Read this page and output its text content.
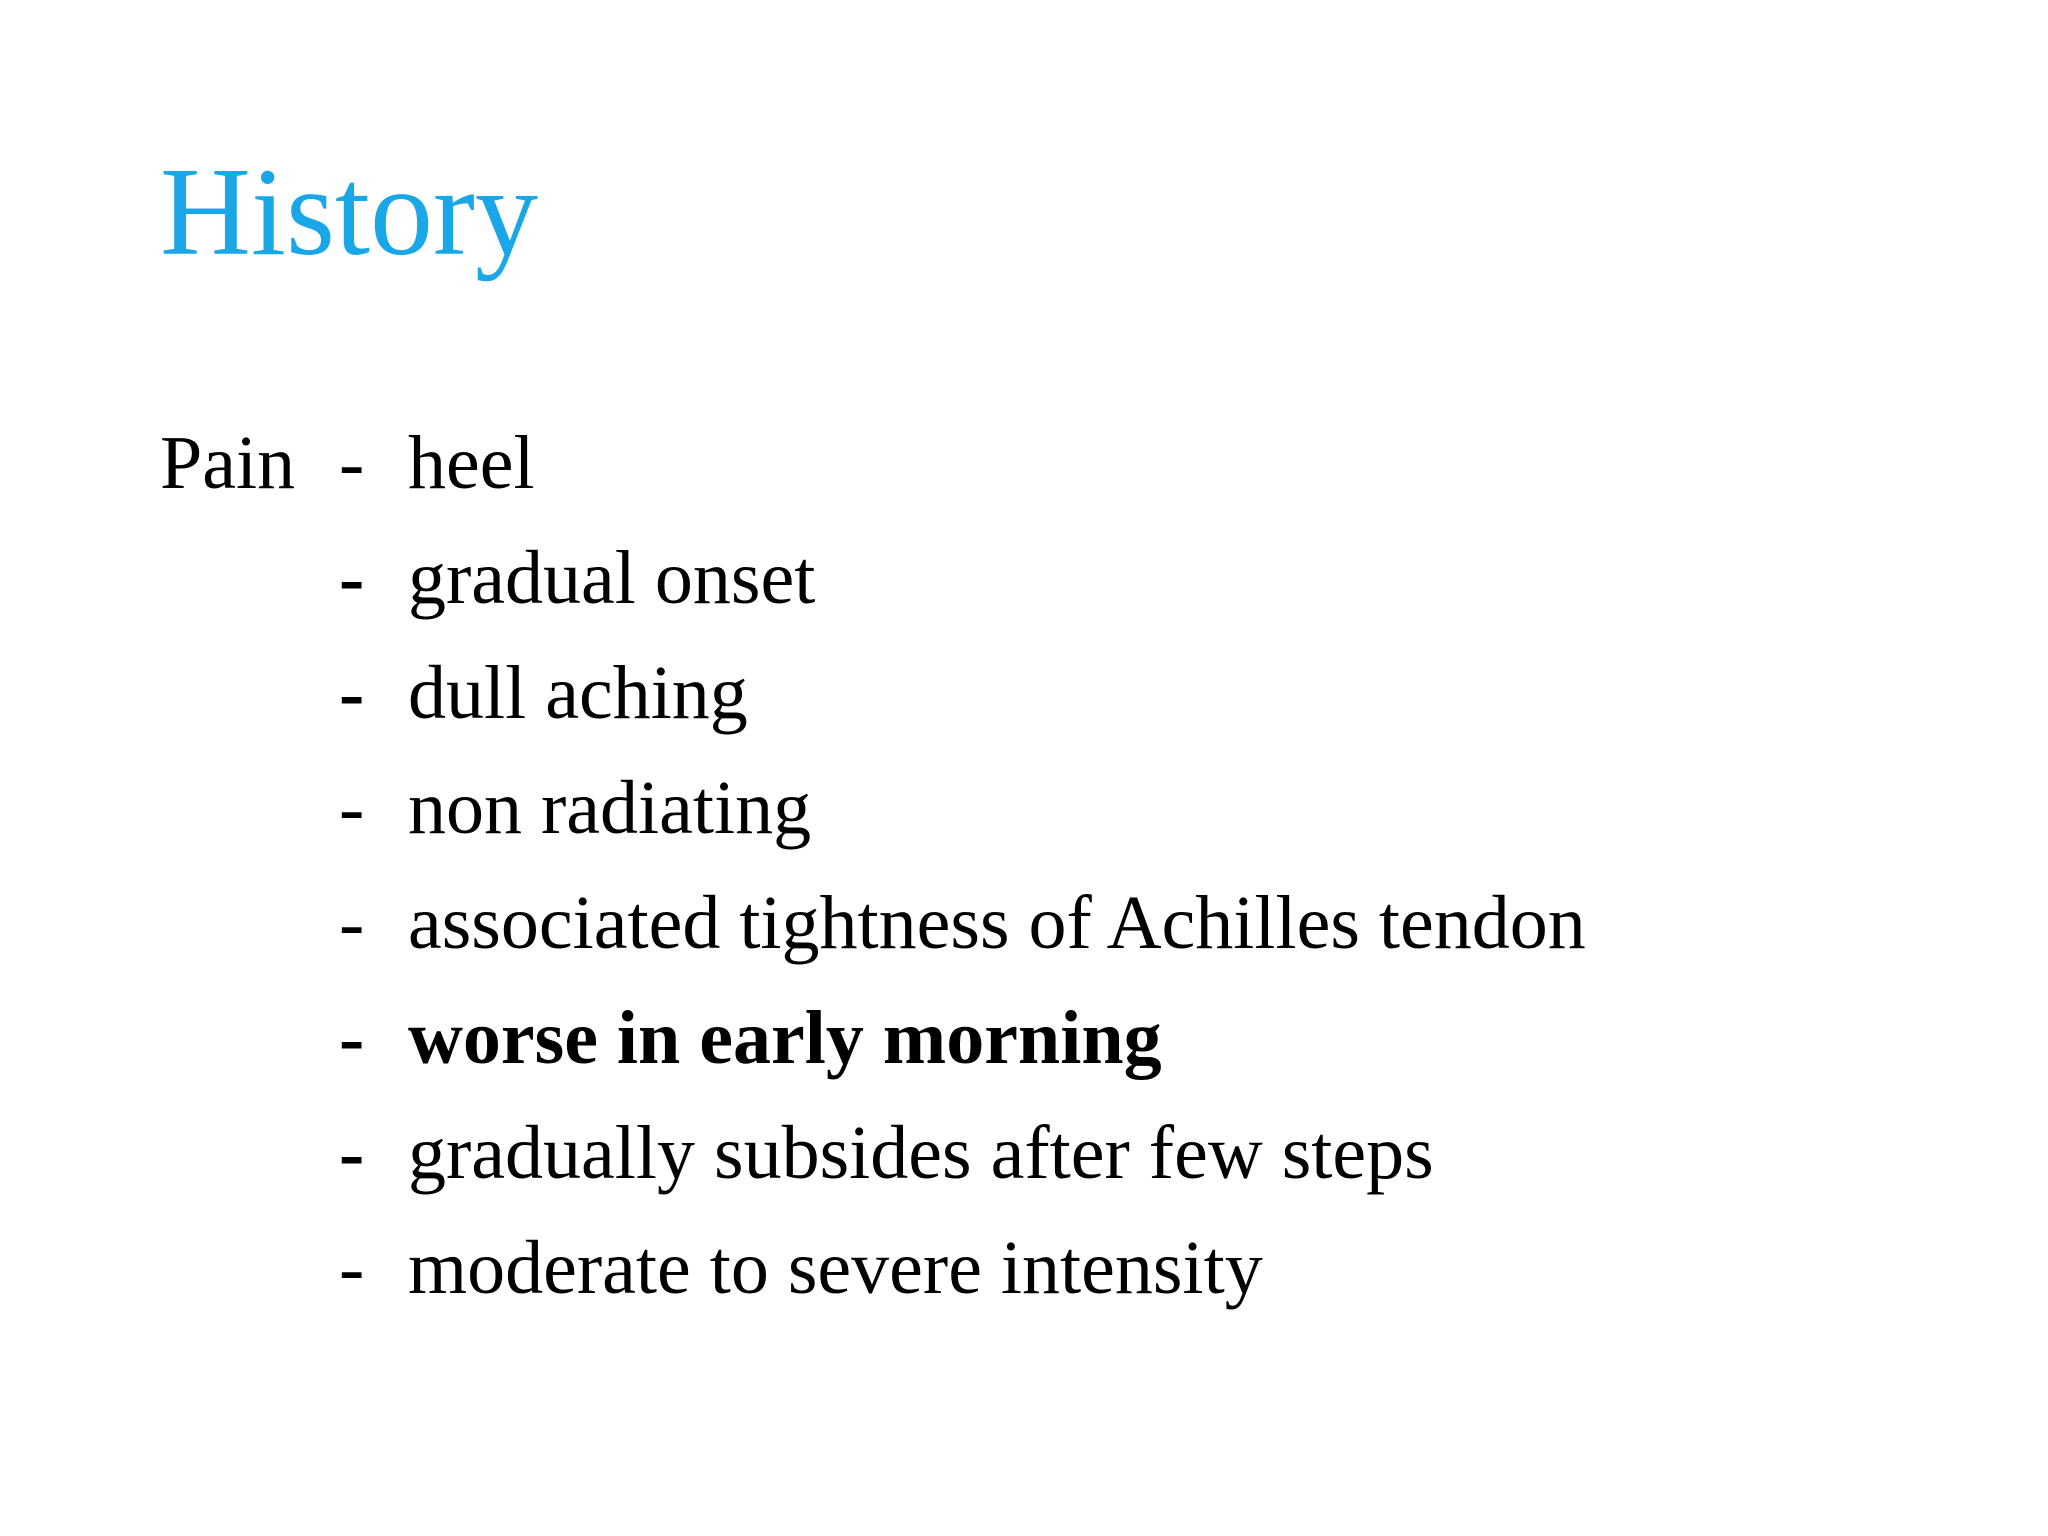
History
Pain - heel
- gradual onset
- dull aching
- non radiating
- associated tightness of Achilles tendon
- worse in early morning
- gradually subsides after few steps
- moderate to severe intensity
